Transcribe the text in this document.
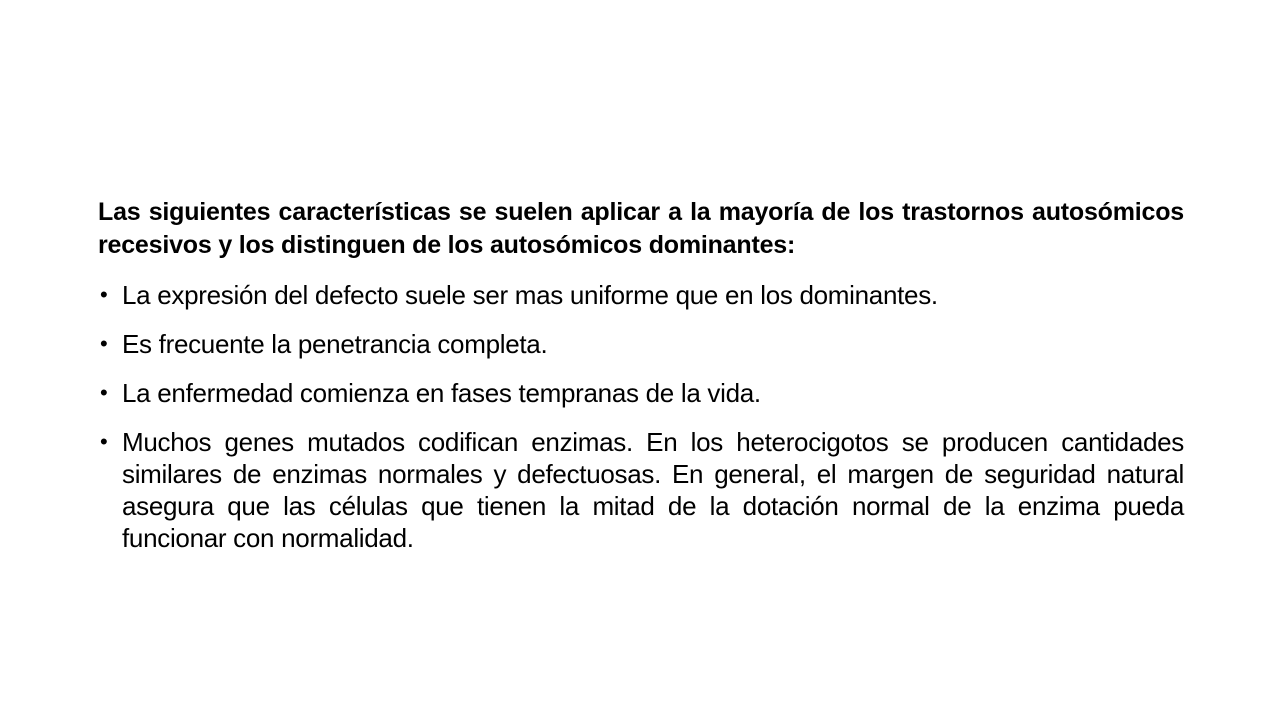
Las siguientes características se suelen aplicar a la mayoría de los trastornos autosómicos recesivos y los distinguen de los autosómicos dominantes:

• La expresión del defecto suele ser mas uniforme que en los dominantes.
• Es frecuente la penetrancia completa.
• La enfermedad comienza en fases tempranas de la vida.
• Muchos genes mutados codifican enzimas. En los heterocigotos se producen cantidades similares de enzimas normales y defectuosas. En general, el margen de seguridad natural asegura que las células que tienen la mitad de la dotación normal de la enzima pueda funcionar con normalidad.
